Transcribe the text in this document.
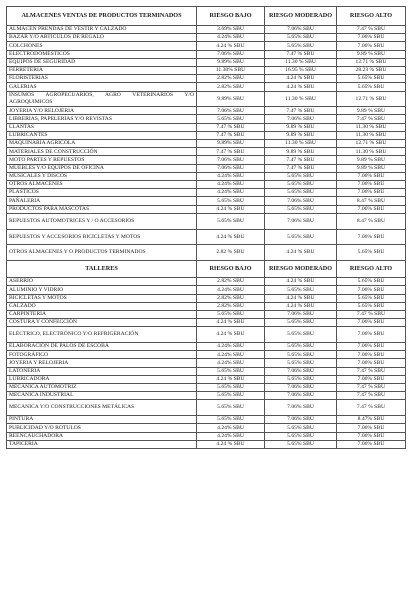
ALMACENES VENTAS DE PRODUCTOS TERMINADOS	RIESGO BAJO	RIESGO MODERADO	RIESGO ALTO
ALMACÉN PRENDAS DE VESTIR Y CALZADO	3.69% SBU	7.06% SBU	7.47 % SBU
BAZAR Y/O ARTICULOS DE REGALO	4.24% SBU	5.65% SBU	7.06% SBU
COLCHONES	4.24 % SBU	5.65% SBU	7.06% SBU
ELECTRODOMÉSTICOS	7.06% SBU	7.47 % SBU	9.89 % SBU
EQUIPOS DE SEGURIDAD	9.89% SBU	11.30 % SBU	12.71 % SBU
FERRETERIA	11.30% SBU	16.95 % SBU	28.23 % SBU
FLORISTERIAS	2.82% SBU	4.24 % SBU	5.65% SBU
GALERIAS	2.82% SBU	4.24 % SBU	5.65% SBU
INSUMOS AGROPECUARIOS, AGRO VETERINARIOS Y/O AGROQUIMICOS	9.89% SBU	11.30 % SBU	12.71 % SBU
JOYERIA Y/O RELOJERIA	7.06% SBU	7.47 % SBU	9.89 % SBU
LIBRERIAS, PAPELERIAS Y/O REVISTAS	5.65% SBU	7.06% SBU	7.47 % SBU
LLANTAS	7.47 % SBU	9.89 % SBU	11.30 % SBU
LUBRICANTES	7.47 % SBU	9.89 % SBU	11.30 % SBU
MAQUINARIA AGRICOLA	9.89% SBU	11.30 % SBU	12.71 % SBU
MATERIALES DE CONSTRUCCIÓN	7.47 % SBU	9.89 % SBU	11.30 % SBU
MOTO PARTES Y REPUESTOS	7.06% SBU	7.47 % SBU	9.89 % SBU
MUEBLES Y/O EQUIPOS DE OFICINA	7.06% SBU	7.47 % SBU	9.89 % SBU
MUSICALES Y DISCOS	4.24% SBU	5.65% SBU	7.06% SBU
OTROS ALMACENES	4.24% SBU	5.65% SBU	7.06% SBU
PLASTICOS	4.24% SBU	5.65% SBU	7.06% SBU
PAÑALERIA	5.65% SBU	7.06% SBU	8.47 % SBU
PRODUCTOS PARA MASCOTAS	4.24 % SBU	5.65% SBU	7.06% SBU
REPUESTOS AUTOMOTRICES Y / O ACCESORIOS	5.65% SBU	7.06% SBU	8.47 % SBU
REPUESTOS Y ACCESORIOS BICICLETAS Y MOTOS	4.24 % SBU	5.65% SBU	7.06% SBU
OTROS ALMACENES Y O PRODUCTOS TERMINADOS	2.82 % SBU	4.24 % SBU	5.65% SBU
TALLERES	RIESGO BAJO	RIESGO MODERADO	RIESGO ALTO
ASERRIO	2.82% SBU	4.24 % SBU	5.65% SBU
ALUMINIO Y VIDRIO	4.24% SBU	5.65% SBU	7.06% SBU
BICICLETAS Y MOTOS	2.82% SBU	4.24 % SBU	5.65% SBU
CALZADO	2.82% SBU	4.24 % SBU	5.65% SBU
CARPINTERIA	5.65% SBU	7.06% SBU	7.47 % SBU
COSTURA Y CONFECCIÓN	4.24 % SBU	5.65% SBU	7.06% SBU
ELÉCTRICO, ELECTRÓNICO Y/O REFRIGERACIÓN	4.24 % SBU	5.65% SBU	7.06% SBU
ELABORACIÓN DE PALOS DE ESCOBA	4.24% SBU	5.65% SBU	7.06% SBU
FOTOGRÁFICO	4.24% SBU	5.65% SBU	7.06% SBU
JOYERIA Y RELOJERIA	4.24% SBU	5.65% SBU	7.06% SBU
LATONERIA	5.65% SBU	7.06% SBU	7.47 % SBU
LUBRICADORA	4.24 % SBU	5.65% SBU	7.06% SBU
MECANICA AUTOMOTRIZ	5.65% SBU	7.06% SBU	7.47 % SBU
MECANICA INDUSTRIAL	5.65% SBU	7.06% SBU	7.47 % SBU
MECANICA Y/O CONSTRUCCIONES METÁLICAS	5.65% SBU	7.06% SBU	7.47 % SBU
PINTURA	5.65% SBU	7.06% SBU	8.47% SBU
PUBLICIDAD Y/O ROTULOS	4.24% SBU	5.65% SBU	7.06% SBU
REENCAUCHADORA	4.24% SBU	5.65% SBU	7.06% SBU
TAPICERIA	4.24 % SBU	5.65% SBU	7.06% SBU
